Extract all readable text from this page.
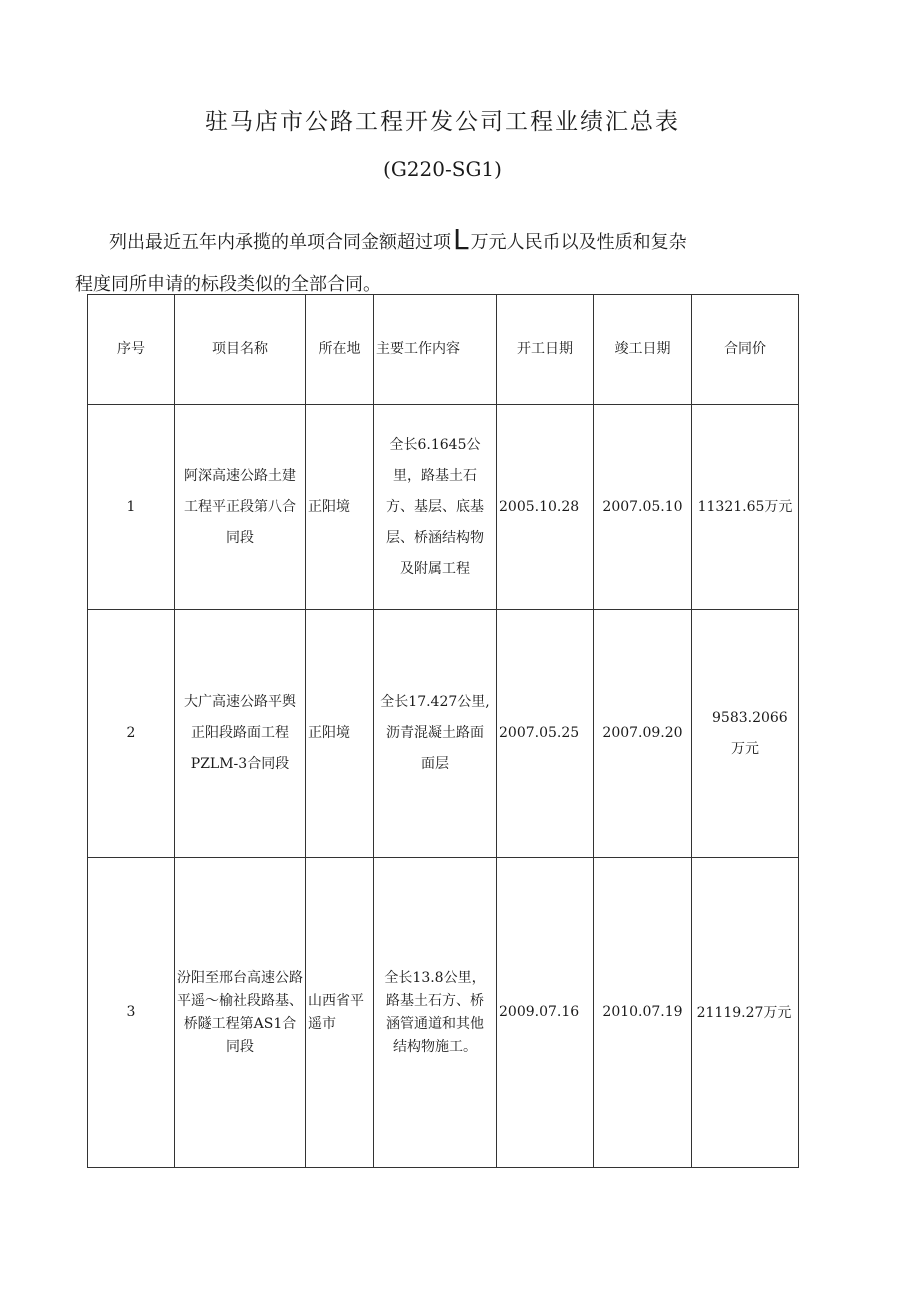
驻马店市公路工程开发公司工程业绩汇总表
(G220-SG1)
列出最近五年内承揽的单项合同金额超过项L 万元人民币以及性质和复杂
程度同所申请的标段类似的全部合同。
序号	项目名称	所在地	主要工作内容	开工日期	竣工日期	合同价
1	阿深高速公路土建工程平正段第八合同段	正阳境	全长6.1645公里，路基土石方、基层、底基层、桥涵结构物及附属工程	2005.10.28	2007.05.10	11321.65万元
2	大广高速公路平舆正阳段路面工程PZLM-3合同段	正阳境	全长17.427公里,沥青混凝土路面面层	2007.05.25	2007.09.20	9583.2066万元
3	汾阳至邢台高速公路平遥～榆社段路基、桥隧工程第AS1合同段	山西省平遥市	全长13.8公里，路基土石方、桥涵管通道和其他结构物施工。	2009.07.16	2010.07.19	21119.27万元
